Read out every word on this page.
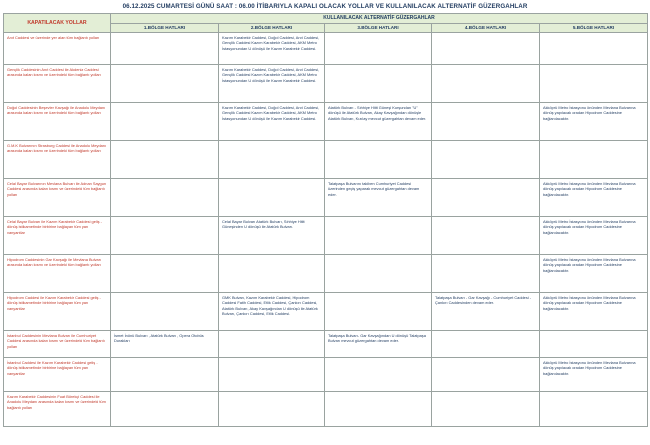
06.12.2025 CUMARTESİ GÜNÜ SAAT : 06.00 İTİBARIYLA KAPALI OLACAK YOLLAR VE KULLANILACAK ALTERNATİF GÜZERGAHLAR
KAPATILACAK YOLLAR	KULLANILACAK ALTERNATİF GÜZERGAHLAR				
	1.BÖLGE HATLARI	2.BÖLGE HATLARI	3.BÖLGE HATLARI	4.BÖLGE HATLARI	5.BÖLGE HATLARI
Anıt Caddesi ve üzerinde yer alan tüm bağlantı yolları		Kazım Karabekir Caddesi, Doğol Caddesi, Anıt Caddesi, Gençlik Caddesi Kazım Karabekir Caddesi, AKM Metro İstasyonundan U dönüşü ile Kazım Karabekir Caddesi.			
Gençlik Caddesinin Anıt Caddesi ile Akdeniz Caddesi arasında kalan kısmı ve üzerindeki tüm bağlantı yolları		Kazım Karabekir Caddesi, Doğol Caddesi, Anıt Caddesi, Gençlik Caddesi Kazım Karabekir Caddesi, AKM Metro İstasyonundan U dönüşü ile Kazım Karabekir Caddesi.			
Doğol Caddesinin Beşevler Kavşağı ile Anadolu Meydanı arasında kalan kısmı ve üzerindeki tüm bağlantı yolları		Kazım Karabekir Caddesi, Doğol Caddesi, Anıt Caddesi, Gençlik Caddesi Kazım Karabekir Caddesi, AKM Metro İstasyonundan U dönüşü ile Kazım Karabekir Caddesi.	Atatürk Bulvarı - Sıhhiye Hitit Güneşi Kurşundan "U" dönüşü ile Atatürk Bulvarı, Akay Kavşağından dönüşle Atatürk Bulvarı, Kızılay mevcut güzergahtan devam eder.		Akköprü Metro İstasyonu önünden Mevlana Bulvarına dönüş yapılacak oradan Hipodrom Caddesine bağlanılacaktır.
G.M.K Bulvarının Strasburg Caddesi ile Anadolu Meydanı arasında kalan kısmı ve üzerindeki tüm bağlantı yolları					
Celal Bayar Bulvarının Mevlana Bulvarı ile Adnan Saygun Caddesi arasında kalan kısmı ve üzerindeki tüm bağlantı yolları			Talatpaşa Bulvarını takiben Cumhuriyet Caddesi üzerinden geçiş yaparak mevcut güzergahtan devam eder.		Akköprü Metro İstasyonu önünden Mevlana Bulvarına dönüş yapılacak oradan Hipodrom Caddesine bağlanılacaktır.
Celal Bayar Bulvarı ile Kazım Karabekir Caddesi geliş - dönüş istikametinde birbirine bağlayan tüm yan vanyantlar		Celal Bayar Bulvarı Atatürk Bulvarı, Sıhhiye Hitit Güneşinden U dönüşü ile Atatürk Bulvarı.			Akköprü Metro İstasyonu önünden Mevlana Bulvarına dönüş yapılacak oradan Hipodrom Caddesine bağlanılacaktır.
Hipodrom Caddesinin Gar Kavşağı ile Mevlana Bulvarı arasında kalan kısmı ve üzerindeki tüm bağlantı yolları					Akköprü Metro İstasyonu önünden Mevlana Bulvarına dönüş yapılacak oradan Hipodrom Caddesine bağlanılacaktır.
Hipodrom Caddesi ile Kazım Karabekir Caddesi geliş - dönüş istikametinde birbirine bağlayan tüm yan vanyantlar		GMK Bulvarı, Kazım Karabekir Caddesi, Hipodrom Caddesi Fatih Caddesi, Etlik Caddesi, Çankırı Caddesi, Atatürk Bulvarı, Akay Kavşağından U dönüşü ile Atatürk Bulvarı, Çankırı Caddesi, Etlik Caddesi.		Talatpaşa Bulvarı - Gar Kavşağı - Cumhuriyet Caddesi - Çankırı Caddesinden devam eder.	Akköprü Metro İstasyonu önünden Mevlana Bulvarına dönüş yapılacak oradan Hipodrom Caddesine bağlanılacaktır.
İstanbul Caddesinin Mevlana Bulvarı ile Cumhuriyet Caddesi arasında kalan kısmı ve üzerindeki tüm bağlantı yolları	İsmet İnönü Bulvarı , Atatürk Bulvarı , Opera Otobüs Durakları		Talatpaşa Bulvarı- Gar Kavşağından U dönüşü Talatpaşa Bulvarı mevcut güzergahtan devam eder.		
İstanbul Caddesi ile Kazım Karabekir Caddesi geliş - dönüş istikametinde birbirine bağlayan tüm yan vanyantlar					Akköprü Metro İstasyonu önünden Mevlana Bulvarına dönüş yapılacak oradan Hipodrom Caddesine bağlanılacaktır.
Kazım Karabekir Caddesinin Fuat Börekçi Caddesi ile Anadolu Meydanı arasında kalan kısmı ve üzerindeki tüm bağlantı yolları					
